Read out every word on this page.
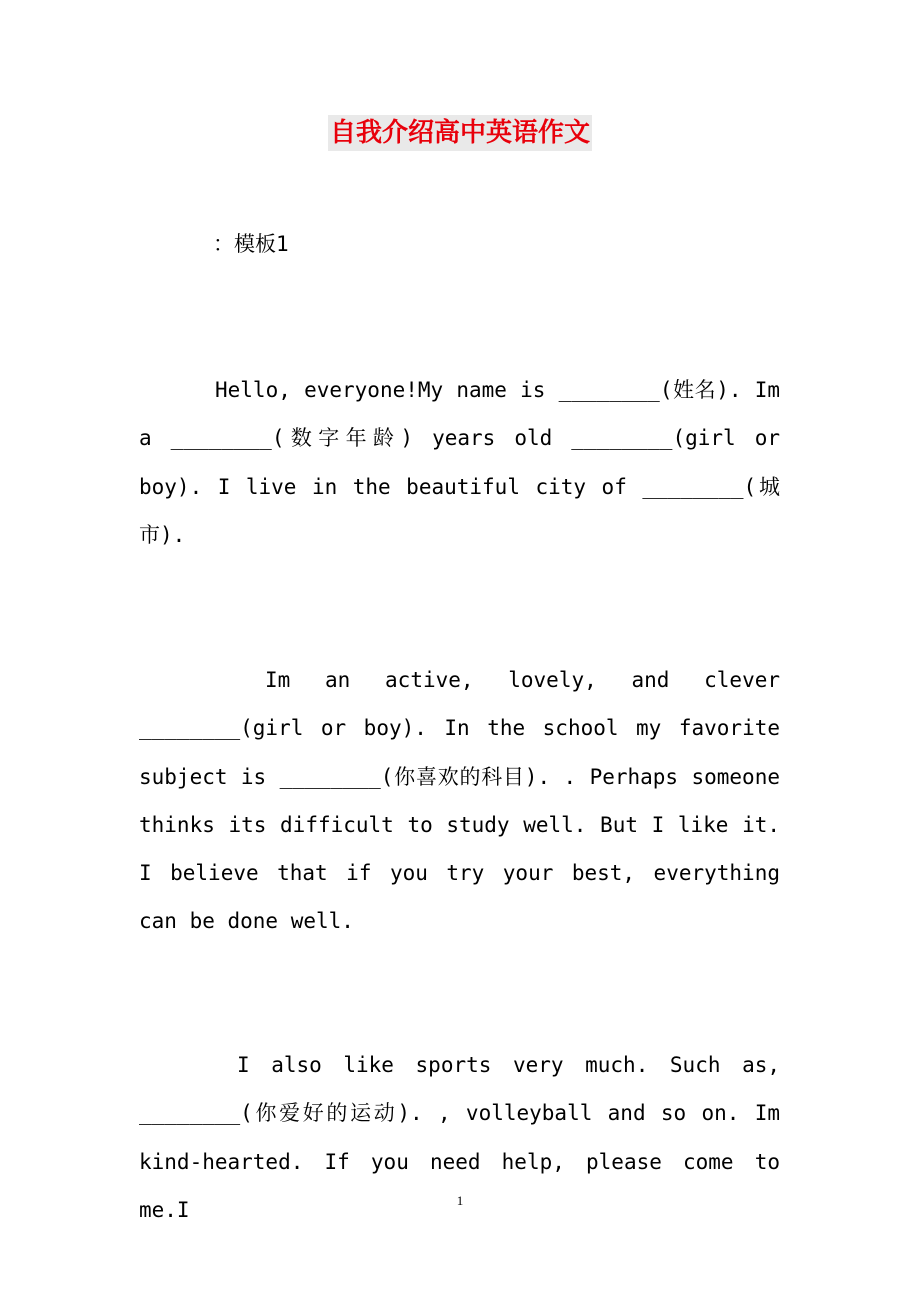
自我介绍高中英语作文
：模板1

Hello, everyone!My name is ________(姓名). Im a ________(数字年龄) years old ________(girl or boy). I live in the beautiful city of ________(城市).

Im an active, lovely, and clever ________(girl or boy). In the school my favorite subject is ________(你喜欢的科目). . Perhaps someone thinks its difficult to study well. But I like it. I believe that if you try your best, everything can be done well.

I also like sports very much. Such as, ________(你爱好的运动). , volleyball and so on. Im kind-hearted. If you need help, please come to me.I	1
